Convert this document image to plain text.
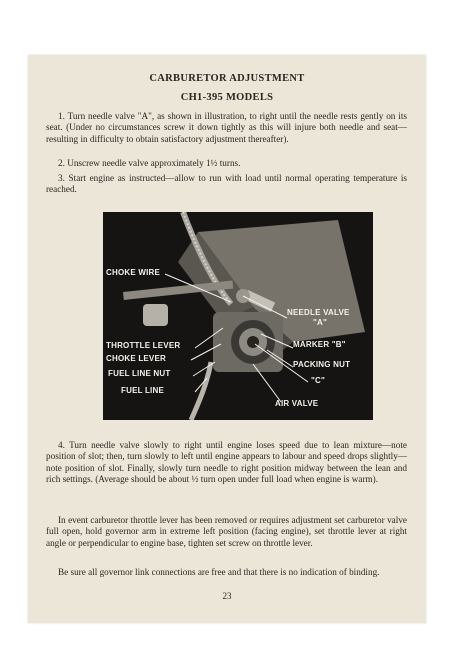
CARBURETOR ADJUSTMENT
CH1-395 MODELS

1. Turn needle valve "A", as shown in illustration, to right until the needle rests gently on its seat. (Under no circumstances screw it down tightly as this will injure both needle and seat—resulting in difficulty to obtain satisfactory adjustment thereafter).

2. Unscrew needle valve approximately 1½ turns.

3. Start engine as instructed—allow to run with load until normal operating temperature is reached.

CHOKE WIRE
NEEDLE VALVE
"A"
MARKER "B"
PACKING NUT
"C"
THROTTLE LEVER
CHOKE LEVER
FUEL LINE NUT
FUEL LINE
AIR VALVE

4. Turn needle valve slowly to right until engine loses speed due to lean mixture—note position of slot; then, turn slowly to left until engine appears to labour and speed drops slightly—note position of slot. Finally, slowly turn needle to right position midway between the lean and rich settings. (Average should be about ½ turn open under full load when engine is warm).

In event carburetor throttle lever has been removed or requires adjustment set carburetor valve full open, hold governor arm in extreme left position (facing engine), set throttle lever at right angle or perpendicular to engine base, tighten set screw on throttle lever.

Be sure all governor link connections are free and that there is no indication of binding.

23
